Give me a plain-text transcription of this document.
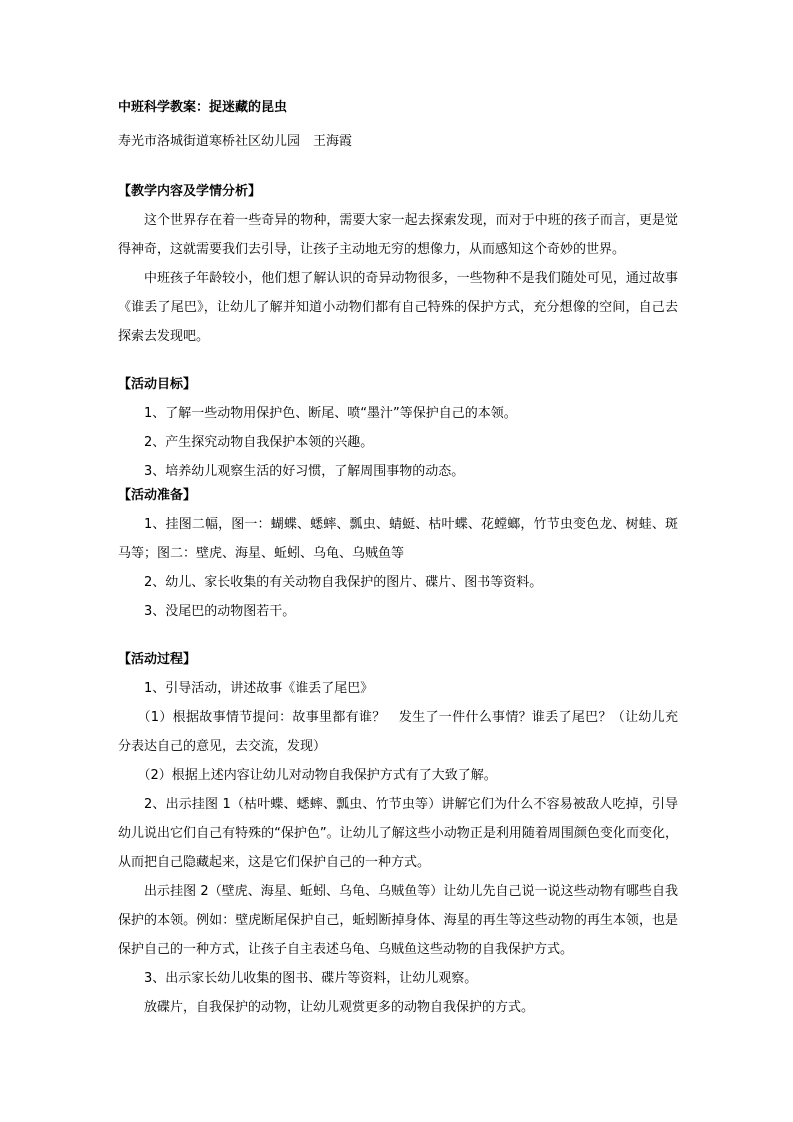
中班科学教案：捉迷藏的昆虫
寿光市洛城街道寒桥社区幼儿园　王海霞
【教学内容及学情分析】
这个世界存在着一些奇异的物种，需要大家一起去探索发现，而对于中班的孩子而言，更是觉得神奇，这就需要我们去引导，让孩子主动地无穷的想像力，从而感知这个奇妙的世界。
中班孩子年龄较小，他们想了解认识的奇异动物很多，一些物种不是我们随处可见，通过故事《谁丢了尾巴》，让幼儿了解并知道小动物们都有自己特殊的保护方式，充分想像的空间，自己去探索去发现吧。
【活动目标】
1、了解一些动物用保护色、断尾、喷“墨汁”等保护自己的本领。
2、产生探究动物自我保护本领的兴趣。
3、培养幼儿观察生活的好习惯，了解周围事物的动态。
【活动准备】
1、挂图二幅，图一：蝴蝶、蟋蟀、瓢虫、蜻蜓、枯叶蝶、花螳螂，竹节虫变色龙、树蛙、斑马等；图二：壁虎、海星、蚯蚓、乌龟、乌贼鱼等
2、幼儿、家长收集的有关动物自我保护的图片、碟片、图书等资料。
3、没尾巴的动物图若干。
【活动过程】
1、引导活动，讲述故事《谁丢了尾巴》
（1）根据故事情节提问：故事里都有谁？　发生了一件什么事情？谁丢了尾巴？（让幼儿充分表达自己的意见，去交流，发现）
（2）根据上述内容让幼儿对动物自我保护方式有了大致了解。
2、出示挂图 1（枯叶蝶、蟋蟀、瓢虫、竹节虫等）讲解它们为什么不容易被敌人吃掉，引导幼儿说出它们自己有特殊的“保护色”。让幼儿了解这些小动物正是利用随着周围颜色变化而变化，从而把自己隐藏起来，这是它们保护自己的一种方式。
出示挂图 2（壁虎、海星、蚯蚓、乌龟、乌贼鱼等）让幼儿先自己说一说这些动物有哪些自我保护的本领。例如：壁虎断尾保护自己，蚯蚓断掉身体、海星的再生等这些动物的再生本领，也是保护自己的一种方式，让孩子自主表述乌龟、乌贼鱼这些动物的自我保护方式。
3、出示家长幼儿收集的图书、碟片等资料，让幼儿观察。
放碟片，自我保护的动物，让幼儿观赏更多的动物自我保护的方式。
